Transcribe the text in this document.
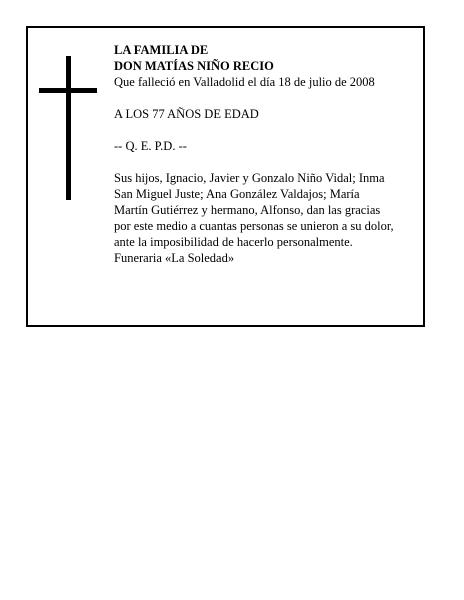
LA FAMILIA DE

DON MATÍAS NIÑO RECIO

Que falleció en Valladolid el día 18 de julio de 2008

A LOS 77 AÑOS DE EDAD

-- Q. E. P.D. --

Sus hijos, Ignacio, Javier y Gonzalo Niño Vidal; Inma

San Miguel Juste; Ana González Valdajos; María

Martín Gutiérrez y hermano, Alfonso, dan las gracias

por este medio a cuantas personas se unieron a su dolor,

ante la imposibilidad de hacerlo personalmente.

Funeraria «La Soledad»
